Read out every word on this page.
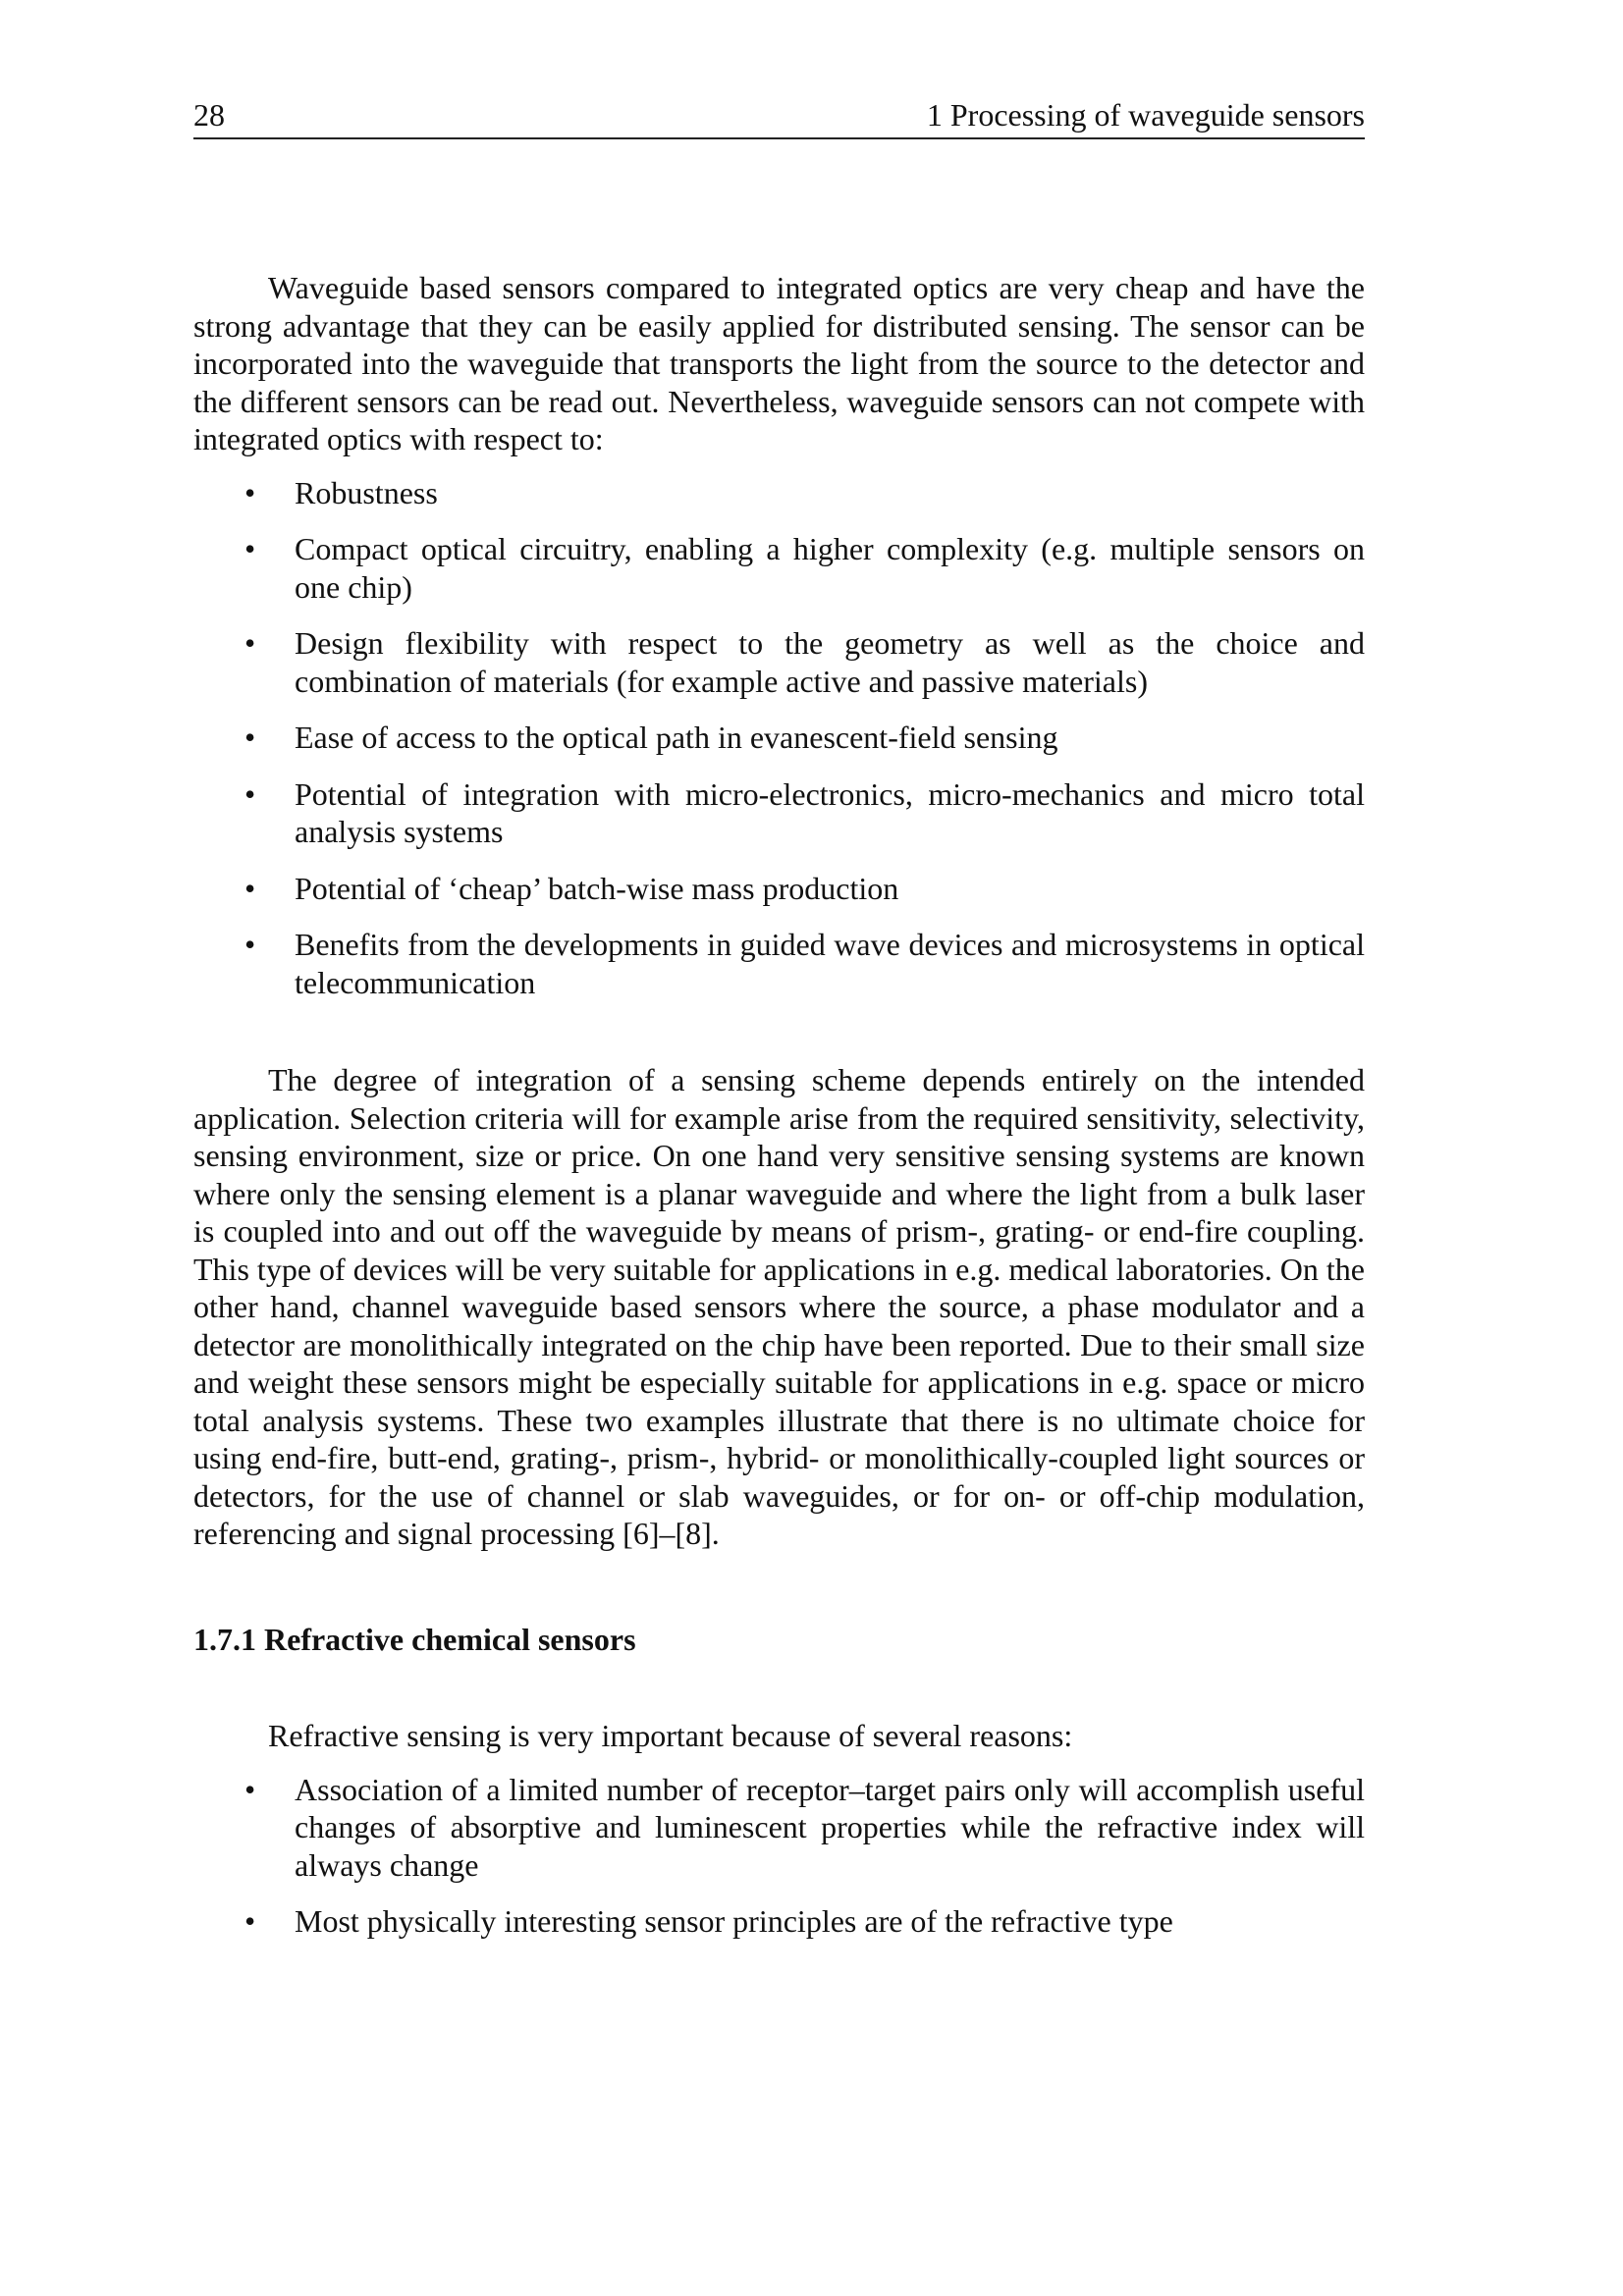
28	1 Processing of waveguide sensors

Waveguide based sensors compared to integrated optics are very cheap and have the strong advantage that they can be easily applied for distributed sensing. The sensor can be incorporated into the waveguide that transports the light from the source to the detector and the different sensors can be read out. Nevertheless, waveguide sensors can not compete with integrated optics with respect to:

• Robustness
• Compact optical circuitry, enabling a higher complexity (e.g. multiple sensors on one chip)
• Design flexibility with respect to the geometry as well as the choice and combination of materials (for example active and passive materials)
• Ease of access to the optical path in evanescent-field sensing
• Potential of integration with micro-electronics, micro-mechanics and micro total analysis systems
• Potential of ‘cheap’ batch-wise mass production
• Benefits from the developments in guided wave devices and microsystems in optical telecommunication

The degree of integration of a sensing scheme depends entirely on the intended application. Selection criteria will for example arise from the required sensitivity, selectivity, sensing environment, size or price. On one hand very sensitive sensing systems are known where only the sensing element is a planar waveguide and where the light from a bulk laser is coupled into and out off the waveguide by means of prism-, grating- or end-fire coupling. This type of devices will be very suitable for applications in e.g. medical laboratories. On the other hand, channel waveguide based sensors where the source, a phase modulator and a detector are monolithically integrated on the chip have been reported. Due to their small size and weight these sensors might be especially suitable for applications in e.g. space or micro total analysis systems. These two examples illustrate that there is no ultimate choice for using end-fire, butt-end, grating-, prism-, hybrid- or monolithically-coupled light sources or detectors, for the use of channel or slab waveguides, or for on- or off-chip modulation, referencing and signal processing [6]–[8].

1.7.1 Refractive chemical sensors

Refractive sensing is very important because of several reasons:

• Association of a limited number of receptor–target pairs only will accomplish useful changes of absorptive and luminescent properties while the refractive index will always change
• Most physically interesting sensor principles are of the refractive type
